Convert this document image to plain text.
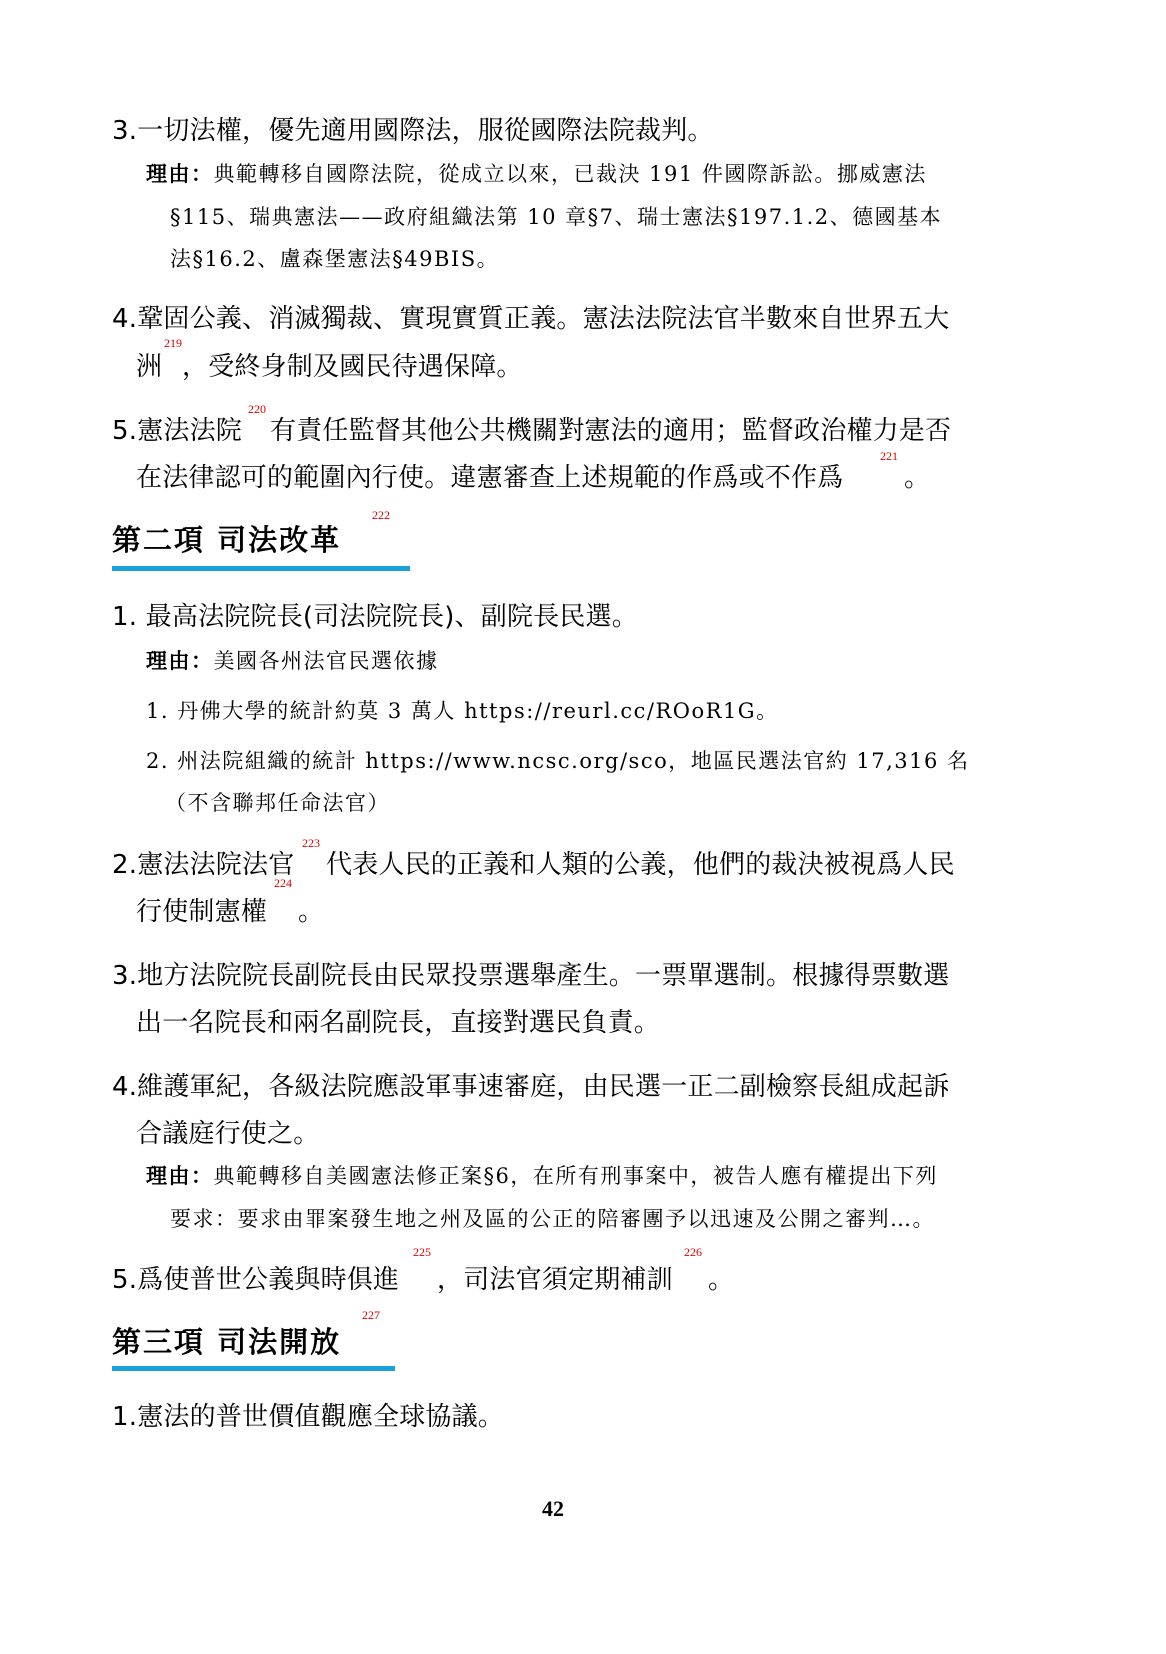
3.一切法權，優先適用國際法，服從國際法院裁判。
理由：典範轉移自國際法院，從成立以來，已裁決 191 件國際訴訟。挪威憲法
§115、瑞典憲法——政府組織法第 10 章§7、瑞士憲法§197.1.2、德國基本
法§16.2、盧森堡憲法§49BIS。
4.鞏固公義、消滅獨裁、實現實質正義。憲法法院法官半數來自世界五大
洲
219
，受終身制及國民待遇保障。
5.憲法法院
220
有責任監督其他公共機關對憲法的適用；監督政治權力是否
在法律認可的範圍內行使。違憲審查上述規範的作爲或不作爲
221
。
第二項 司法改革
222
1. 最高法院院長(司法院院長)、副院長民選。
理由：美國各州法官民選依據
1. 丹佛大學的統計約莫 3 萬人 https://reurl.cc/ROoR1G。
2. 州法院組織的統計 https://www.ncsc.org/sco，地區民選法官約 17,316 名
（不含聯邦任命法官）
2.憲法法院法官
223
代表人民的正義和人類的公義，他們的裁決被視爲人民
行使制憲權
224
。
3.地方法院院長副院長由民眾投票選舉產生。一票單選制。根據得票數選
出一名院長和兩名副院長，直接對選民負責。
4.維護軍紀，各級法院應設軍事速審庭，由民選一正二副檢察長組成起訴
合議庭行使之。
理由：典範轉移自美國憲法修正案§6，在所有刑事案中，被告人應有權提出下列
要求：要求由罪案發生地之州及區的公正的陪審團予以迅速及公開之審判…。
5.爲使普世公義與時俱進
225
，司法官須定期補訓
226
。
第三項 司法開放
227
1.憲法的普世價值觀應全球協議。
42
